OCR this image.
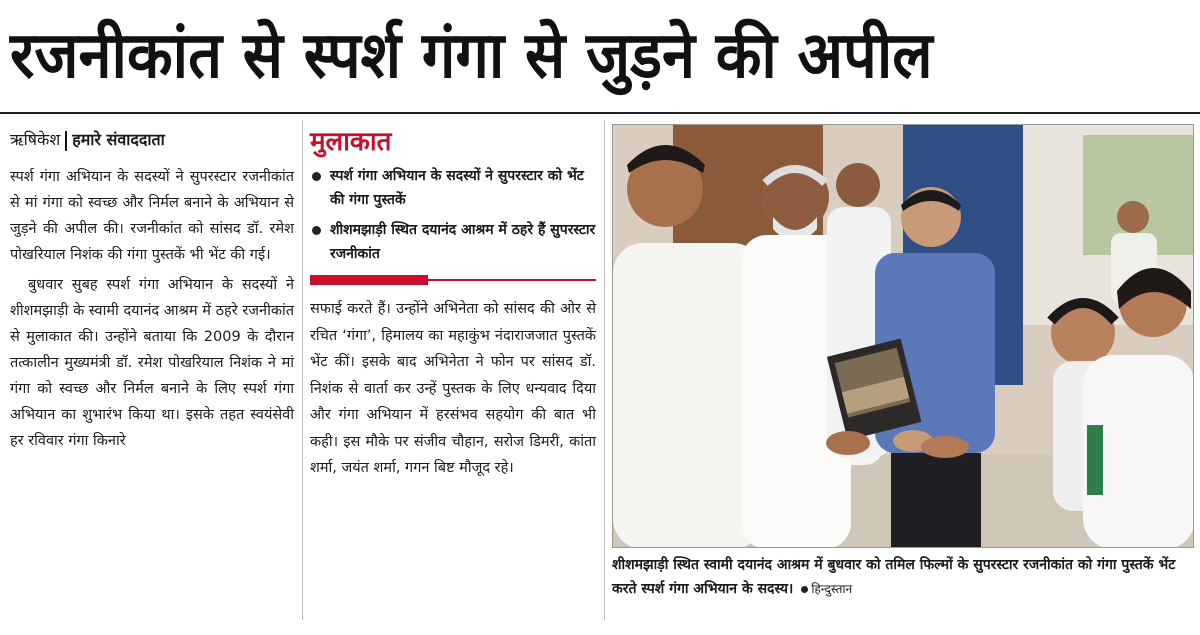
रजनीकांत से स्पर्श गंगा से जुड़ने की अपील
ऋषिकेश हमारे संवाददाता

स्पर्श गंगा अभियान के सदस्यों ने सुपरस्टार रजनीकांत से मां गंगा को स्वच्छ और निर्मल बनाने के अभियान से जुड़ने की अपील की। रजनीकांत को सांसद डॉ. रमेश पोखरियाल निशंक की गंगा पुस्तकें भी भेंट की गई।

बुधवार सुबह स्पर्श गंगा अभियान के सदस्यों ने शीशमझाड़ी के स्वामी दयानंद आश्रम में ठहरे रजनीकांत से मुलाकात की। उन्होंने बताया कि 2009 के दौरान तत्कालीन मुख्यमंत्री डॉ. रमेश पोखरियाल निशंक ने मां गंगा को स्वच्छ और निर्मल बनाने के लिए स्पर्श गंगा अभियान का शुभारंभ किया था। इसके तहत स्वयंसेवी हर रविवार गंगा किनारे

मुलाकात
स्पर्श गंगा अभियान के सदस्यों ने सुपरस्टार को भेंट की गंगा पुस्तकें
शीशमझाड़ी स्थित दयानंद आश्रम में ठहरे हैं सुपरस्टार रजनीकांत
सफाई करते हैं। उन्होंने अभिनेता को सांसद की ओर से रचित ‘गंगा’, हिमालय का महाकुंभ नंदाराजजात पुस्तकें भेंट कीं। इसके बाद अभिनेता ने फोन पर सांसद डॉ. निशंक से वार्ता कर उन्हें पुस्तक के लिए धन्यवाद दिया और गंगा अभियान में हरसंभव सहयोग की बात भी कही। इस मौके पर संजीव चौहान, सरोज डिमरी, कांता शर्मा, जयंत शर्मा, गगन बिष्ट मौजूद रहे।
शीशमझाड़ी स्थित स्वामी दयानंद आश्रम में बुधवार को तमिल फिल्मों के सुपरस्टार रजनीकांत को गंगा पुस्तकें भेंट करते स्पर्श गंगा अभियान के सदस्य। हिन्दुस्तान
